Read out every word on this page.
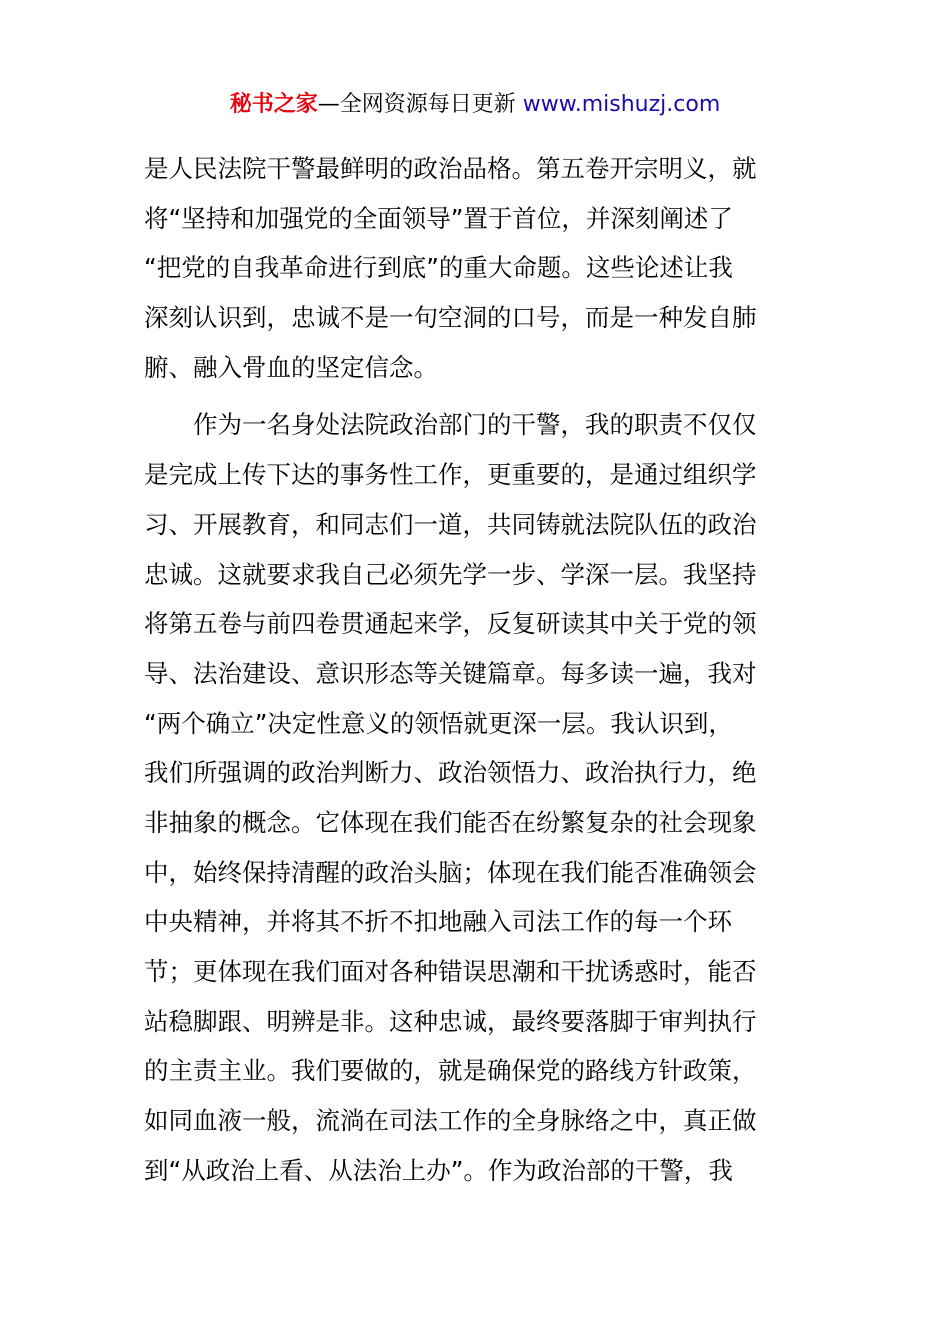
秘书之家—全网资源每日更新 www.mishuzj.com
是人民法院干警最鲜明的政治品格。第五卷开宗明义，就
将“坚持和加强党的全面领导”置于首位，并深刻阐述了
“把党的自我革命进行到底”的重大命题。这些论述让我
深刻认识到，忠诚不是一句空洞的口号，而是一种发自肺
腑、融入骨血的坚定信念。
　　作为一名身处法院政治部门的干警，我的职责不仅仅
是完成上传下达的事务性工作，更重要的，是通过组织学
习、开展教育，和同志们一道，共同铸就法院队伍的政治
忠诚。这就要求我自己必须先学一步、学深一层。我坚持
将第五卷与前四卷贯通起来学，反复研读其中关于党的领
导、法治建设、意识形态等关键篇章。每多读一遍，我对
“两个确立”决定性意义的领悟就更深一层。我认识到，
我们所强调的政治判断力、政治领悟力、政治执行力，绝
非抽象的概念。它体现在我们能否在纷繁复杂的社会现象
中，始终保持清醒的政治头脑；体现在我们能否准确领会
中央精神，并将其不折不扣地融入司法工作的每一个环
节；更体现在我们面对各种错误思潮和干扰诱惑时，能否
站稳脚跟、明辨是非。这种忠诚，最终要落脚于审判执行
的主责主业。我们要做的，就是确保党的路线方针政策，
如同血液一般，流淌在司法工作的全身脉络之中，真正做
到“从政治上看、从法治上办”。作为政治部的干警，我
